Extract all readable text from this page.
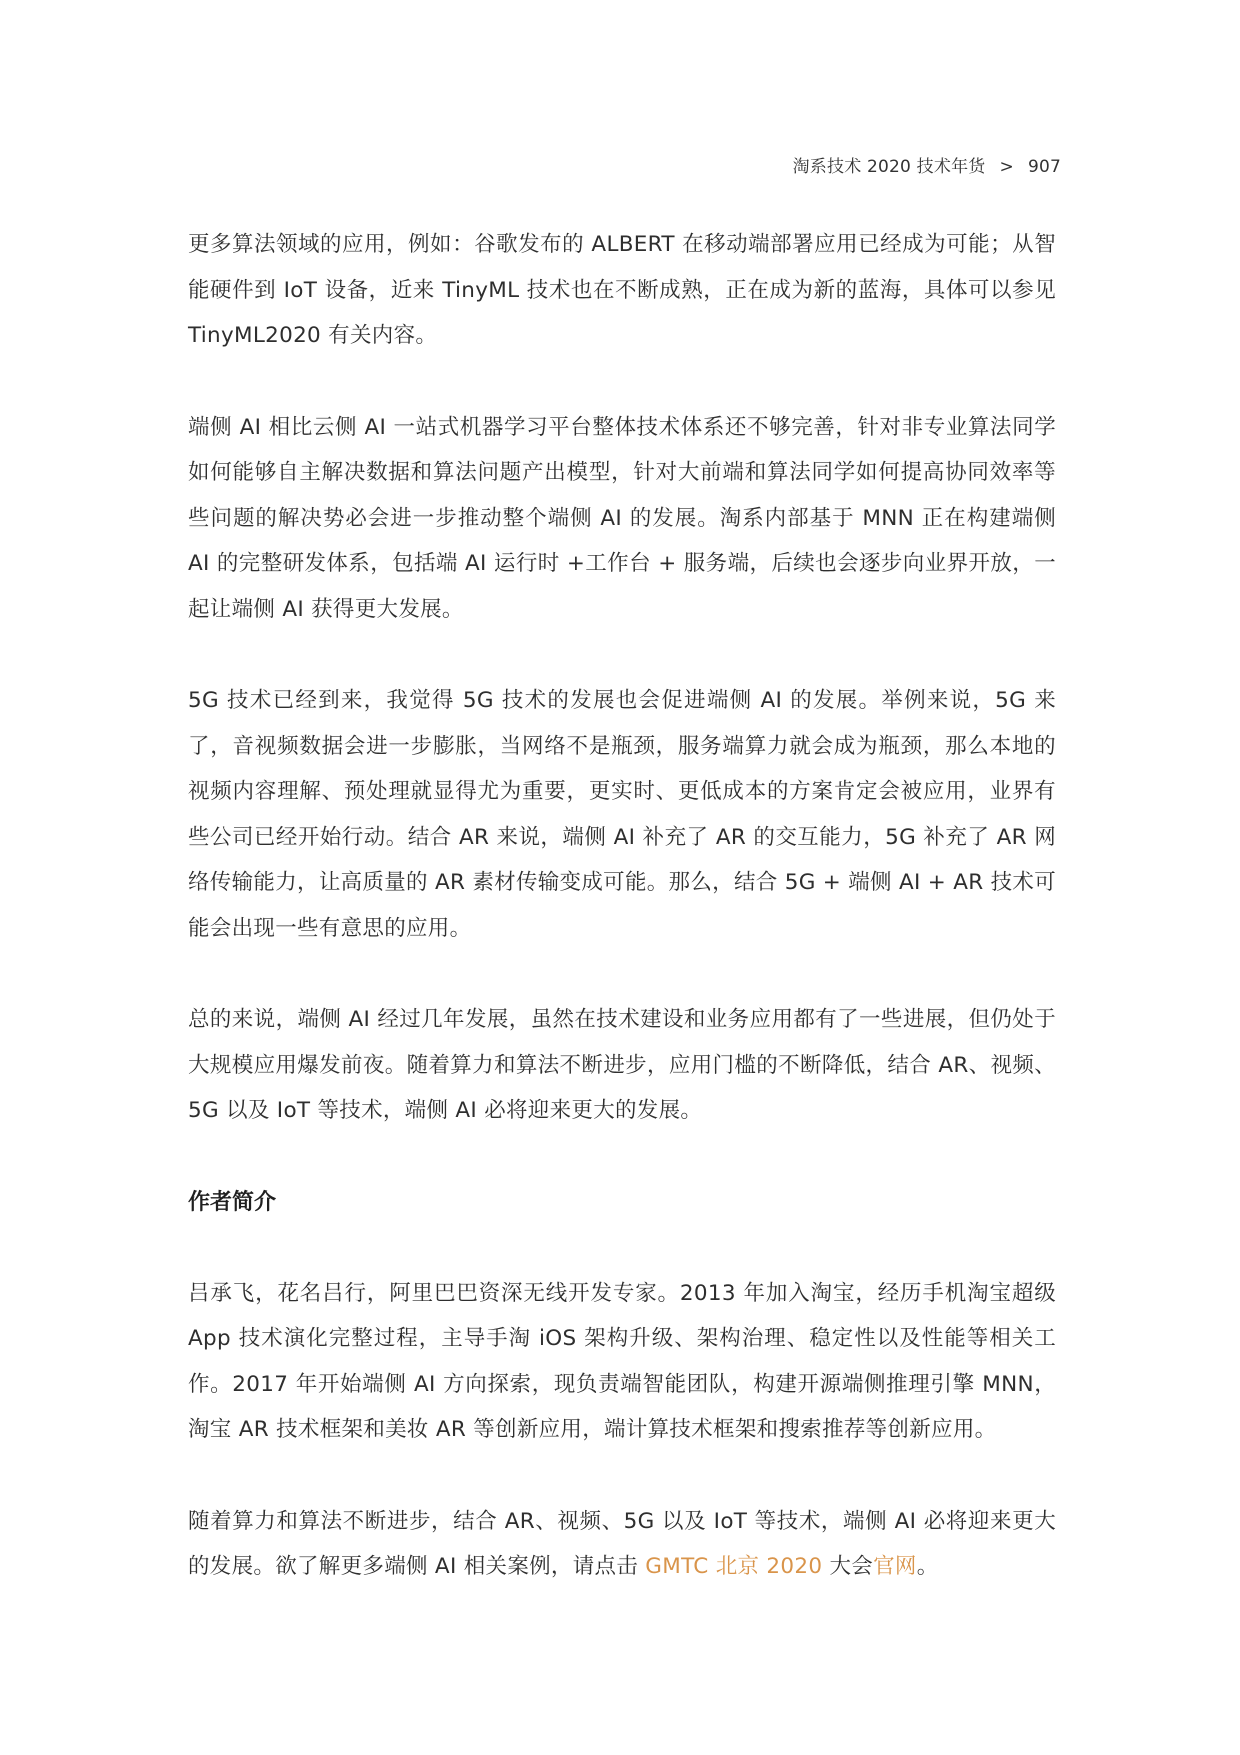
淘系技术 2020 技术年货 > 907

更多算法领域的应用，例如：谷歌发布的 ALBERT 在移动端部署应用已经成为可能；从智能硬件到 IoT 设备，近来 TinyML 技术也在不断成熟，正在成为新的蓝海，具体可以参见 TinyML2020 有关内容。

端侧 AI 相比云侧 AI 一站式机器学习平台整体技术体系还不够完善，针对非专业算法同学如何能够自主解决数据和算法问题产出模型，针对大前端和算法同学如何提高协同效率等些问题的解决势必会进一步推动整个端侧 AI 的发展。淘系内部基于 MNN 正在构建端侧 AI 的完整研发体系，包括端 AI 运行时 +工作台 + 服务端，后续也会逐步向业界开放，一起让端侧 AI 获得更大发展。

5G 技术已经到来，我觉得 5G 技术的发展也会促进端侧 AI 的发展。举例来说，5G 来了，音视频数据会进一步膨胀，当网络不是瓶颈，服务端算力就会成为瓶颈，那么本地的视频内容理解、预处理就显得尤为重要，更实时、更低成本的方案肯定会被应用，业界有些公司已经开始行动。结合 AR 来说，端侧 AI 补充了 AR 的交互能力，5G 补充了 AR 网络传输能力，让高质量的 AR 素材传输变成可能。那么，结合 5G + 端侧 AI + AR 技术可能会出现一些有意思的应用。

总的来说，端侧 AI 经过几年发展，虽然在技术建设和业务应用都有了一些进展，但仍处于大规模应用爆发前夜。随着算力和算法不断进步，应用门槛的不断降低，结合 AR、视频、5G 以及 IoT 等技术，端侧 AI 必将迎来更大的发展。

作者简介

吕承飞，花名吕行，阿里巴巴资深无线开发专家。2013 年加入淘宝，经历手机淘宝超级 App 技术演化完整过程，主导手淘 iOS 架构升级、架构治理、稳定性以及性能等相关工作。2017 年开始端侧 AI 方向探索，现负责端智能团队，构建开源端侧推理引擎 MNN，淘宝 AR 技术框架和美妆 AR 等创新应用，端计算技术框架和搜索推荐等创新应用。

随着算力和算法不断进步，结合 AR、视频、5G 以及 IoT 等技术，端侧 AI 必将迎来更大的发展。欲了解更多端侧 AI 相关案例，请点击 GMTC 北京 2020 大会官网。
